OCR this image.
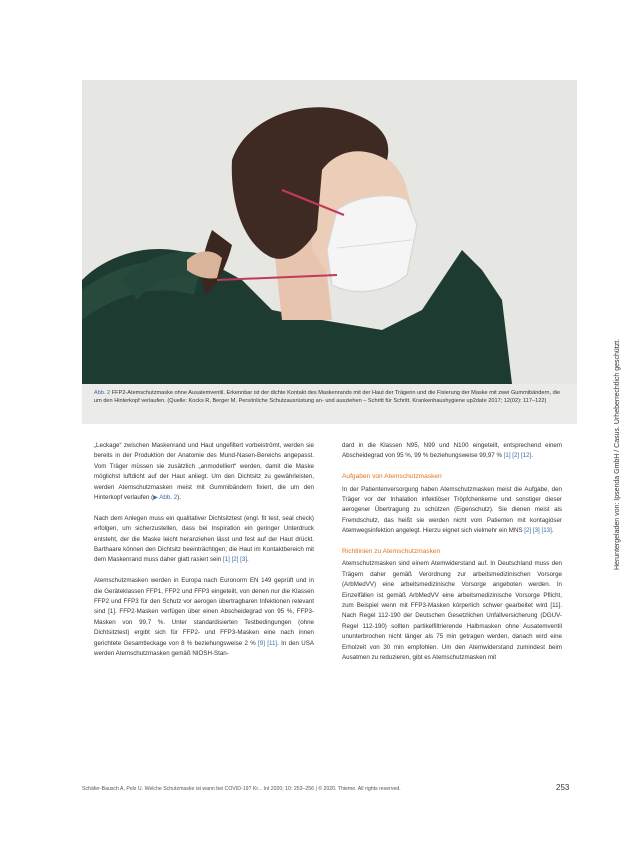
Abb. 2 FFP2-Atemschutzmaske ohne Ausatemventil. Erkennbar ist der dichte Kontakt des Maskenrands mit der Haut der Trägerin und die Fixierung der Maske mit zwei Gummibändern, die um den Hinterkopf verlaufen. (Quelle: Kocks R, Berger M. Persönliche Schutzausrüstung an- und ausziehen – Schritt für Schritt. Krankenhaushygiene up2date 2017; 12(02): 117–122)

„Leckage“ zwischen Maskenrand und Haut ungefiltert vorbeiströmt, werden sie bereits in der Produktion der Anatomie des Mund-Nasen-Bereichs angepasst. Vom Träger müssen sie zusätzlich „anmodelliert“ werden, damit die Maske möglichst luftdicht auf der Haut anliegt. Um den Dichtsitz zu gewährleisten, werden Atemschutzmasken meist mit Gummibändern fixiert, die um den Hinterkopf verlaufen (▶ Abb. 2).

Nach dem Anlegen muss ein qualitativer Dichtsitztest (engl. fit test, seal check) erfolgen, um sicherzustellen, dass bei Inspiration ein geringer Unterdruck entsteht, der die Maske leicht heranziehen lässt und fest auf der Haut drückt. Barthaare können den Dichtsitz beeinträchtigen; die Haut im Kontaktbereich mit dem Maskenrand muss daher glatt rasiert sein [1] [2] [3].

Atemschutzmasken werden in Europa nach Euronorm EN 149 geprüft und in die Geräteklassen FFP1, FFP2 und FFP3 eingeteilt, von denen nur die Klassen FFP2 und FFP3 für den Schutz vor aerogen übertragbaren Infektionen relevant sind [1]. FFP2-Masken verfügen über einen Abscheidegrad von 95 %, FFP3-Masken von 99,7 %. Unter standardisierten Testbedingungen (ohne Dichtsitztest) ergibt sich für FFP2- und FFP3-Masken eine nach innen gerichtete Gesamtleckage von 8 % beziehungsweise 2 % [9] [11]. In den USA werden Atemschutzmasken gemäß NIOSH-Stan-

dard in die Klassen N95, N99 und N100 eingeteilt, entsprechend einem Abscheidegrad von 95 %, 99 % beziehungsweise 99,97 % [1] [2] [12].

Aufgaben von Atemschutzmasken

In der Patientenversorgung haben Atemschutzmasken meist die Aufgabe, den Träger vor der Inhalation infektiöser Tröpfchenkerne und sonstiger dieser aerogener Übertragung zu schützen (Eigenschutz). Sie dienen meist als Fremdschutz, das heißt sie werden nicht vom Patienten mit kontagiöser Atemwegsinfektion angelegt. Hierzu eignet sich vielmehr ein MNS [2] [3] [13].

Richtlinien zu Atemschutzmasken

Atemschutzmasken sind einem Atemwiderstand auf. In Deutschland muss den Trägern daher gemäß Verordnung zur arbeitsmedizinischen Vorsorge (ArbMedVV) eine arbeitsmedizinische Vorsorge angeboten werden. In Einzelfällen ist gemäß ArbMedVV eine arbeitsmedizinische Vorsorge Pflicht, zum Beispiel wenn mit FFP3-Masken körperlich schwer gearbeitet wird [11]. Nach Regel 112-190 der Deutschen Gesetzlichen Unfallversicherung (DGUV-Regel 112-190) sollten partikelfiltrierende Halbmasken ohne Ausatemventil ununterbrochen nicht länger als 75 min getragen werden, danach wird eine Erholzeit von 30 min empfohlen. Um den Atemwiderstand zumindest beim Ausatmen zu reduzieren, gibt es Atemschutzmasken mit

Heruntergeladen von: Ipsenda GmbH / Casus. Urheberrechtlich geschützt.
Schäfer-Bausch A, Pelz U. Welche Schutzmaske ist wann bei COVID-19? Kr... Int 2020; 10: 253–256 | © 2020. Thieme. All rights reserved.	253
